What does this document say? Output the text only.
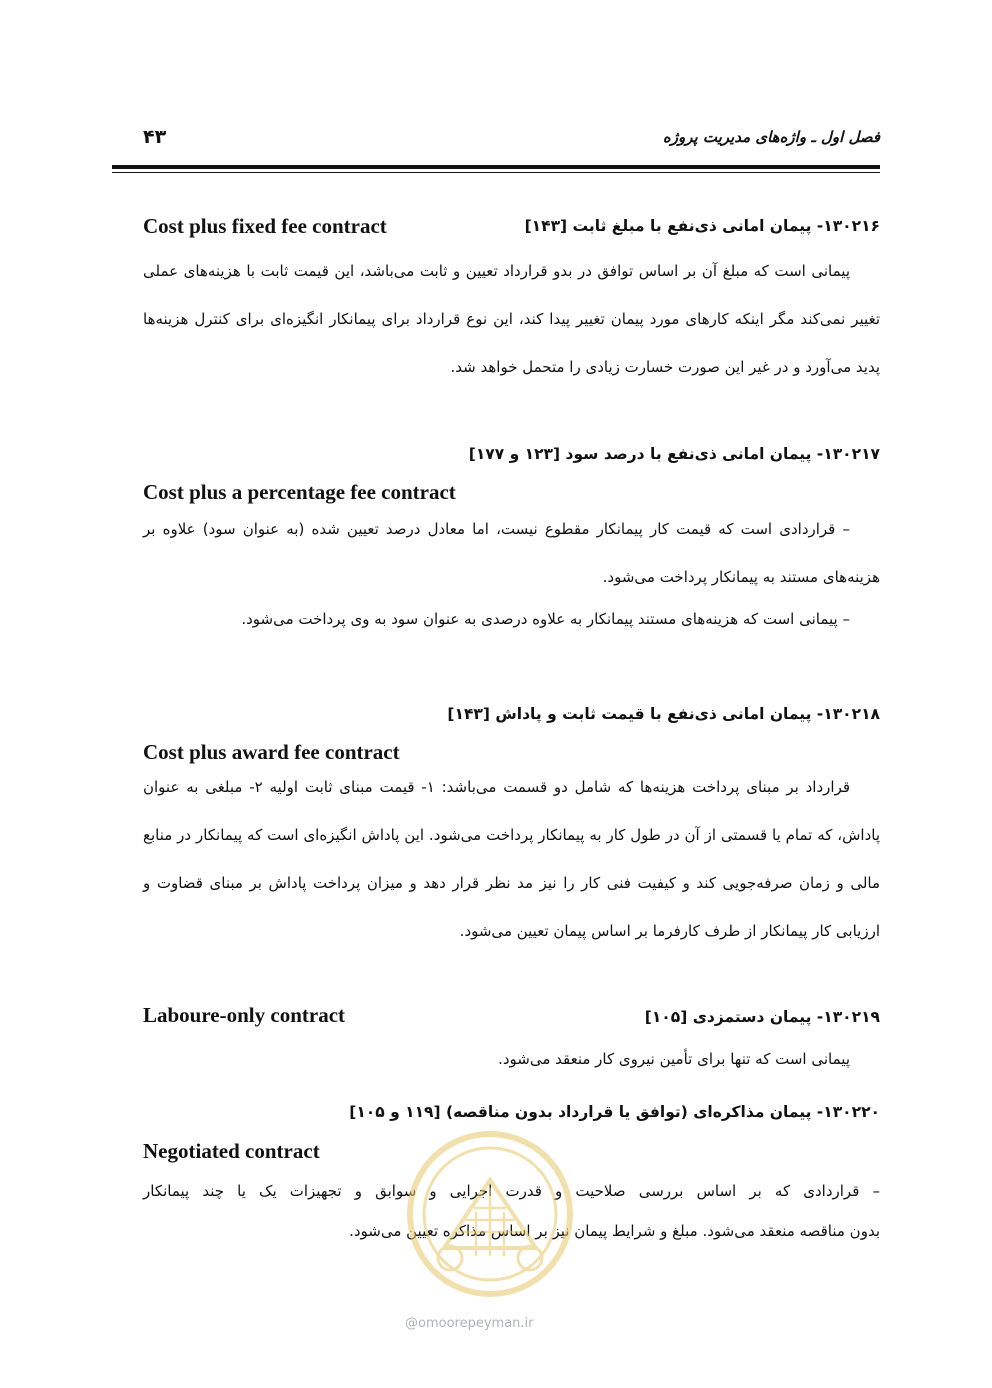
فصل اول ـ واژه‌های مدیریت پروژه
۴۳
۱۳۰۲۱۶- پیمان امانی ذی‌نفع با مبلغ ثابت [۱۴۳]
Cost plus fixed fee contract

پیمانی است که مبلغ آن بر اساس توافق در بدو قرارداد تعیین و ثابت می‌باشد، این قیمت ثابت با هزینه‌های عملی تغییر نمی‌کند مگر اینکه کارهای مورد پیمان تغییر پیدا کند، این نوع قرارداد برای پیمانکار انگیزه‌ای برای کنترل هزینه‌ها پدید می‌آورد و در غیر این صورت خسارت زیادی را متحمل خواهد شد.

۱۳۰۲۱۷- پیمان امانی ذی‌نفع با درصد سود [۱۲۳ و ۱۷۷]
Cost plus a percentage fee contract

– قراردادی است که قیمت کار پیمانکار مقطوع نیست، اما معادل درصد تعیین شده (به عنوان سود) علاوه بر هزینه‌های مستند به پیمانکار پرداخت می‌شود.

– پیمانی است که هزینه‌های مستند پیمانکار به علاوه درصدی به عنوان سود به وی پرداخت می‌شود.

۱۳۰۲۱۸- پیمان امانی ذی‌نفع با قیمت ثابت و پاداش [۱۴۳]
Cost plus award fee contract

قرارداد بر مبنای پرداخت هزینه‌ها که شامل دو قسمت می‌باشد: ۱- قیمت مبنای ثابت اولیه ۲- مبلغی به عنوان پاداش، که تمام یا قسمتی از آن در طول کار به پیمانکار پرداخت می‌شود. این پاداش انگیزه‌ای است که پیمانکار در منابع مالی و زمان صرفه‌جویی کند و کیفیت فنی کار را نیز مد نظر قرار دهد و میزان پرداخت پاداش بر مبنای قضاوت و ارزیابی کار پیمانکار از طرف کارفرما بر اساس پیمان تعیین می‌شود.

۱۳۰۲۱۹- پیمان دستمزدی [۱۰۵]
Laboure-only contract
پیمانی است که تنها برای تأمین نیروی کار منعقد می‌شود.
۱۳۰۲۲۰- پیمان مذاکره‌ای (توافق یا قرارداد بدون مناقصه) [۱۱۹ و ۱۰۵]
Negotiated contract
– قراردادی که بر اساس بررسی صلاحیت و قدرت اجرایی و سوابق و تجهیزات یک یا چند پیمانکار
بدون مناقصه منعقد می‌شود. مبلغ و شرایط پیمان نیز بر اساس مذاکره تعیین می‌شود.
@omoorepeyman.ir
